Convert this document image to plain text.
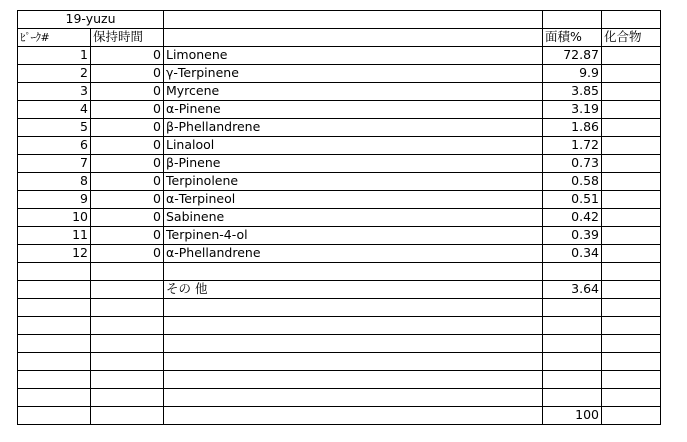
19-yuzu				
ﾋﾟｰｸ#	保持時間		面積%	化合物
1	0	Limonene	72.87	
2	0	γ-Terpinene	9.9	
3	0	Myrcene	3.85	
4	0	α-Pinene	3.19	
5	0	β-Phellandrene	1.86	
6	0	Linalool	1.72	
7	0	β-Pinene	0.73	
8	0	Terpinolene	0.58	
9	0	α-Terpineol	0.51	
10	0	Sabinene	0.42	
11	0	Terpinen-4-ol	0.39	
12	0	α-Phellandrene	0.34	

		その 他	3.64	

			100	
